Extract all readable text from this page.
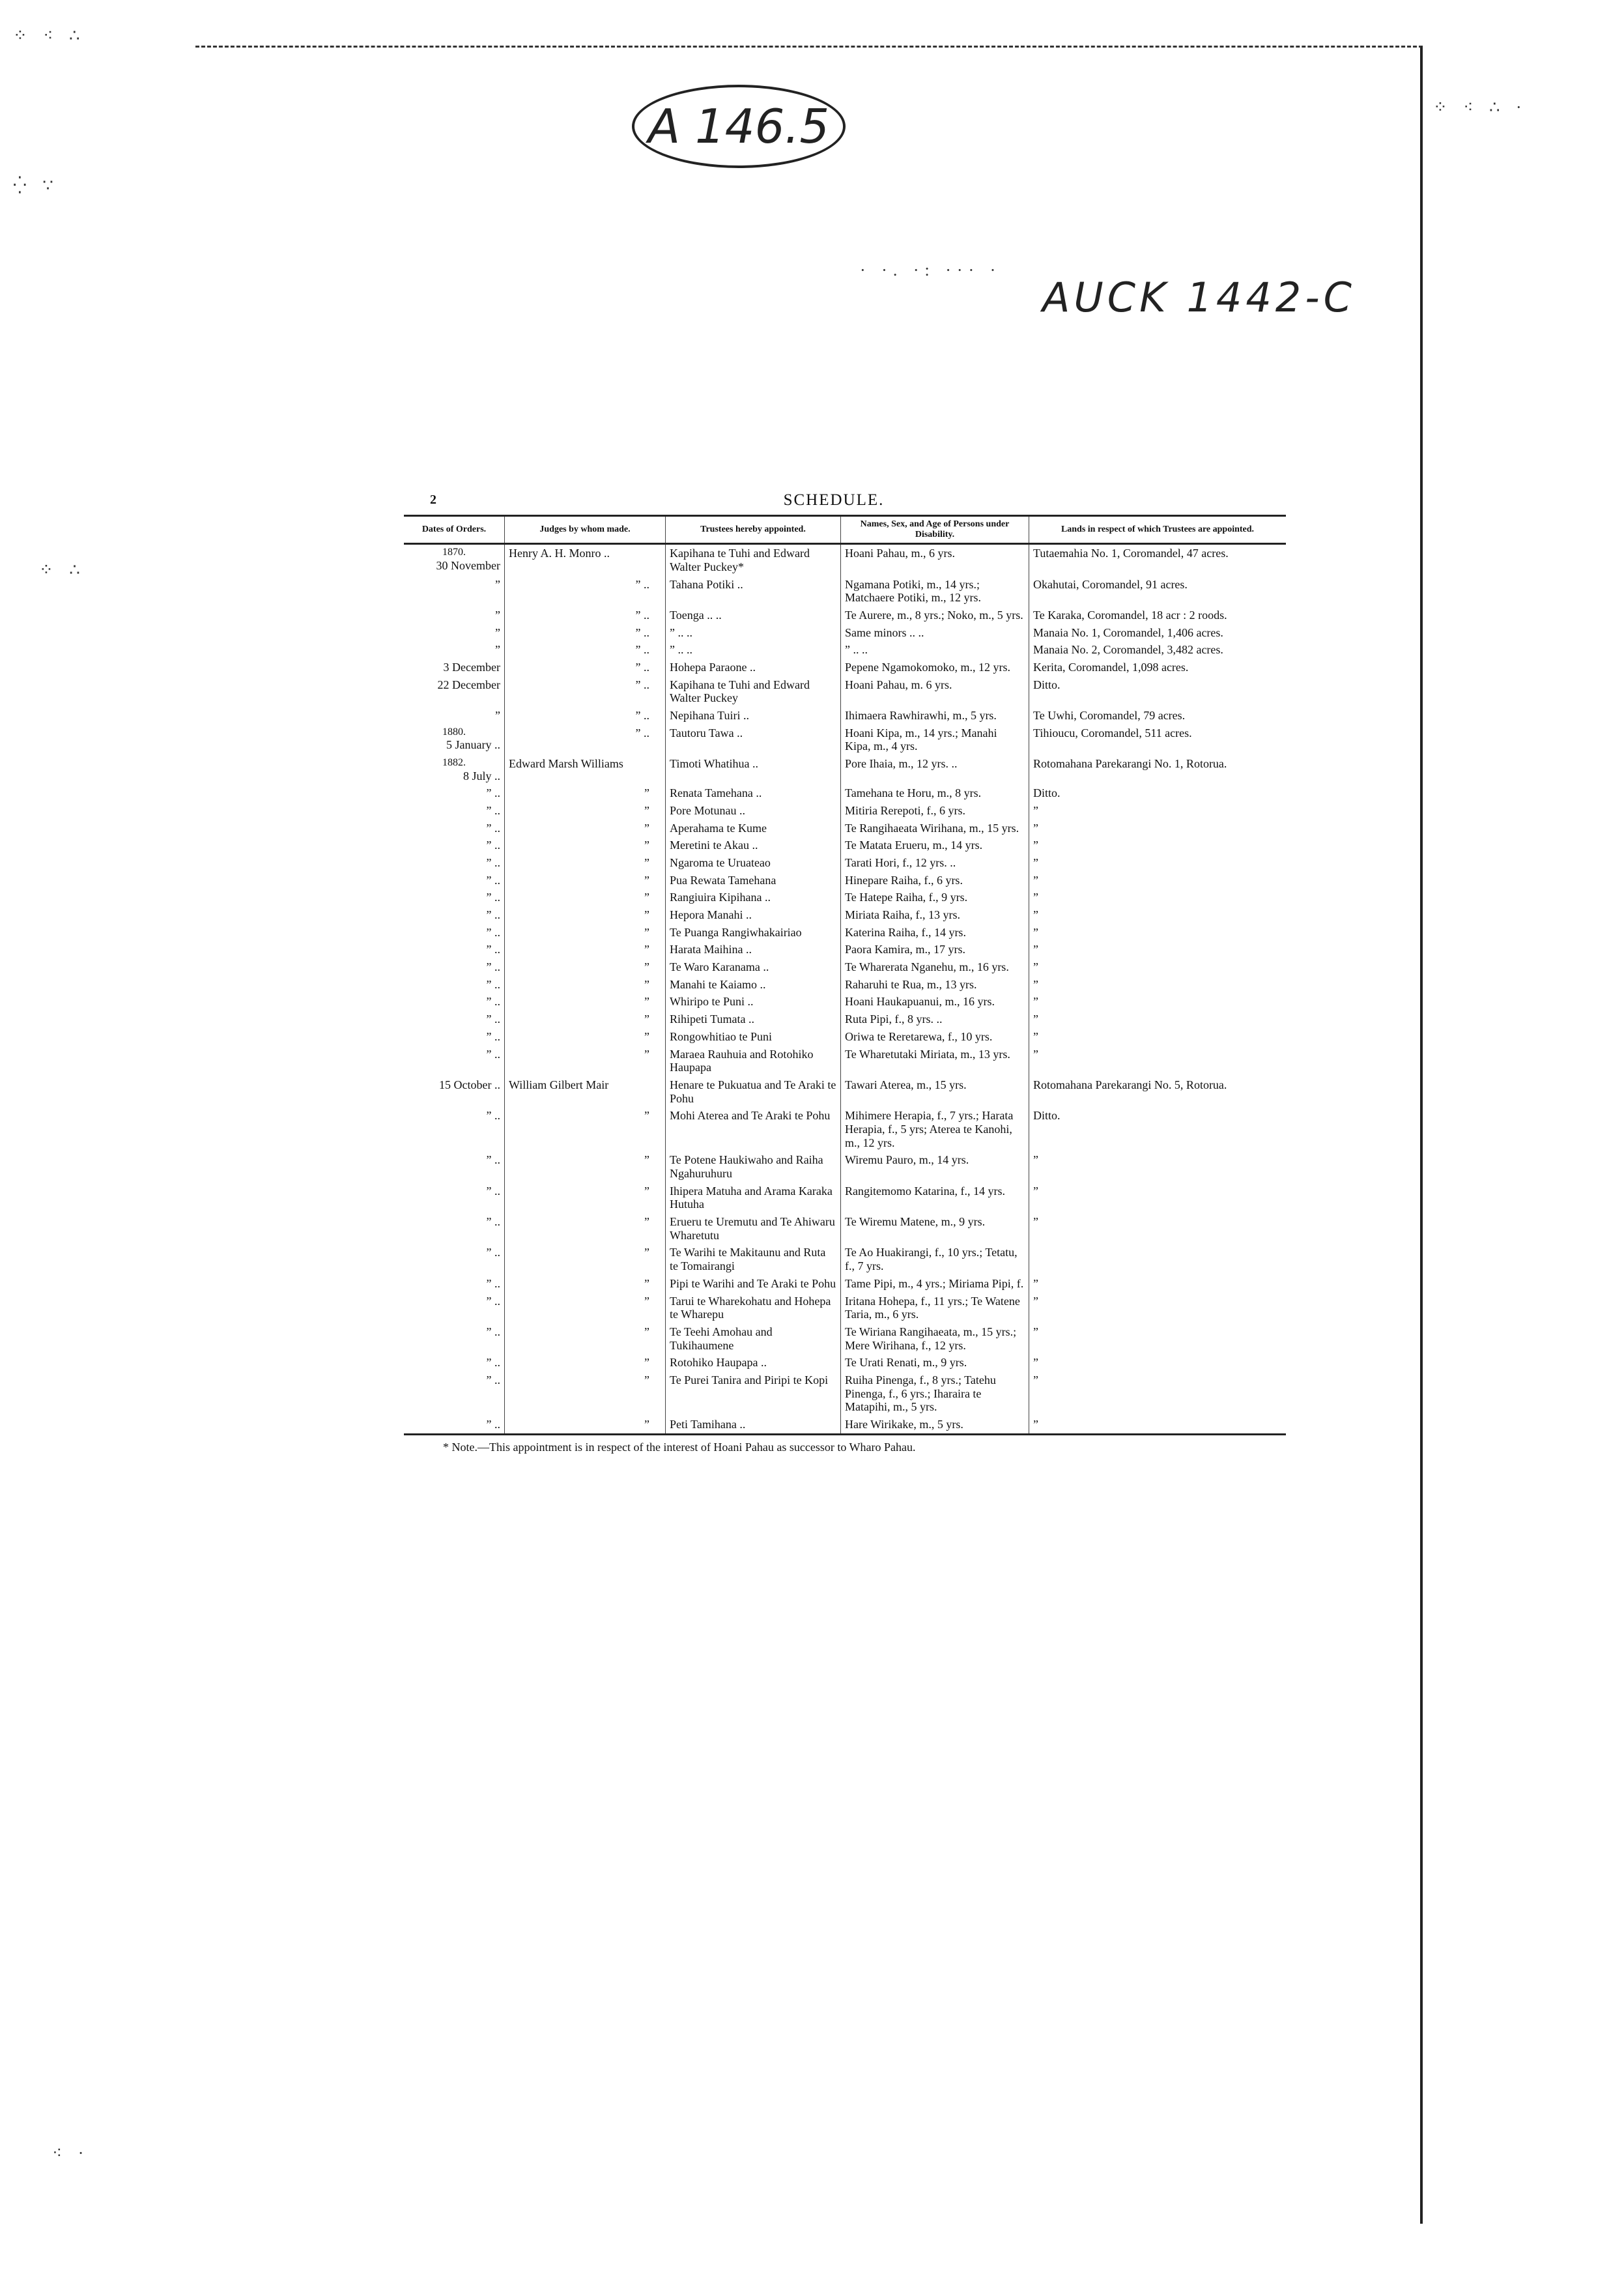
⁘ ⁖ ∴
⁛ ∵
⁘ ⁖ ∴ ·
· ·. ·: ··· ·
⁘ ∴
⁖ ·
A 146.5
AUCK 1442-C
2	SCHEDULE.
Dates of Orders.	Judges by whom made.	Trustees hereby appointed.	Names, Sex, and Age of Persons under Disability.	Lands in respect of which Trustees are appointed.

1870.
30 November	Henry A. H. Monro ..	Kapihana te Tuhi and Edward Walter Puckey*	Hoani Pahau, m., 6 yrs.	Tutaemahia No. 1, Coromandel, 47 acres.

”	” ..	Tahana Potiki ..	Ngamana Potiki, m., 14 yrs.; Matchaere Potiki, m., 12 yrs.	Okahutai, Coromandel, 91 acres.

”	” ..	Toenga .. ..	Te Aurere, m., 8 yrs.; Noko, m., 5 yrs.	Te Karaka, Coromandel, 18 acr : 2 roods.

”	” ..	” .. ..	Same minors .. ..	Manaia No. 1, Coromandel, 1,406 acres.

”	” ..	” .. ..	” .. ..	Manaia No. 2, Coromandel, 3,482 acres.

3 December	” ..	Hohepa Paraone ..	Pepene Ngamokomoko, m., 12 yrs.	Kerita, Coromandel, 1,098 acres.

22 December	” ..	Kapihana te Tuhi and Edward Walter Puckey	Hoani Pahau, m. 6 yrs.	Ditto.

”	” ..	Nepihana Tuiri ..	Ihimaera Rawhirawhi, m., 5 yrs.	Te Uwhi, Coromandel, 79 acres.

1880.
5 January ..	” ..	Tautoru Tawa ..	Hoani Kipa, m., 14 yrs.; Manahi Kipa, m., 4 yrs.	Tihioucu, Coromandel, 511 acres.

1882.
8 July ..	Edward Marsh Williams	Timoti Whatihua ..	Pore Ihaia, m., 12 yrs. ..	Rotomahana Parekarangi No. 1, Rotorua.

” ..	”	Renata Tamehana ..	Tamehana te Horu, m., 8 yrs.	Ditto.

” ..	”	Pore Motunau ..	Mitiria Rerepoti, f., 6 yrs.	”

” ..	”	Aperahama te Kume	Te Rangihaeata Wirihana, m., 15 yrs.	”

” ..	”	Meretini te Akau ..	Te Matata Erueru, m., 14 yrs.	”

” ..	”	Ngaroma te Uruateao	Tarati Hori, f., 12 yrs. ..	”

” ..	”	Pua Rewata Tamehana	Hinepare Raiha, f., 6 yrs.	”

” ..	”	Rangiuira Kipihana ..	Te Hatepe Raiha, f., 9 yrs.	”

” ..	”	Hepora Manahi ..	Miriata Raiha, f., 13 yrs.	”

” ..	”	Te Puanga Rangiwhakairiao	Katerina Raiha, f., 14 yrs.	”

” ..	”	Harata Maihina ..	Paora Kamira, m., 17 yrs.	”

” ..	”	Te Waro Karanama ..	Te Wharerata Nganehu, m., 16 yrs.	”

” ..	”	Manahi te Kaiamo ..	Raharuhi te Rua, m., 13 yrs.	”

” ..	”	Whiripo te Puni ..	Hoani Haukapuanui, m., 16 yrs.	”

” ..	”	Rihipeti Tumata ..	Ruta Pipi, f., 8 yrs. ..	”

” ..	”	Rongowhitiao te Puni	Oriwa te Reretarewa, f., 10 yrs.	”

” ..	”	Maraea Rauhuia and Rotohiko Haupapa	Te Wharetutaki Miriata, m., 13 yrs.	”

15 October ..	William Gilbert Mair	Henare te Pukuatua and Te Araki te Pohu	Tawari Aterea, m., 15 yrs.	Rotomahana Parekarangi No. 5, Rotorua.

” ..	”	Mohi Aterea and Te Araki te Pohu	Mihimere Herapia, f., 7 yrs.; Harata Herapia, f., 5 yrs; Aterea te Kanohi, m., 12 yrs.	Ditto.

” ..	”	Te Potene Haukiwaho and Raiha Ngahuruhuru	Wiremu Pauro, m., 14 yrs.	”

” ..	”	Ihipera Matuha and Arama Karaka Hutuha	Rangitemomo Katarina, f., 14 yrs.	”

” ..	”	Erueru te Uremutu and Te Ahiwaru Wharetutu	Te Wiremu Matene, m., 9 yrs.	”

” ..	”	Te Warihi te Makitaunu and Ruta te Tomairangi	Te Ao Huakirangi, f., 10 yrs.; Tetatu, f., 7 yrs.	

” ..	”	Pipi te Warihi and Te Araki te Pohu	Tame Pipi, m., 4 yrs.; Miriama Pipi, f.	”

” ..	”	Tarui te Wharekohatu and Hohepa te Wharepu	Iritana Hohepa, f., 11 yrs.; Te Watene Taria, m., 6 yrs.	”

” ..	”	Te Teehi Amohau and Tukihaumene	Te Wiriana Rangihaeata, m., 15 yrs.; Mere Wirihana, f., 12 yrs.	”

” ..	”	Rotohiko Haupapa ..	Te Urati Renati, m., 9 yrs.	”

” ..	”	Te Purei Tanira and Piripi te Kopi	Ruiha Pinenga, f., 8 yrs.; Tatehu Pinenga, f., 6 yrs.; Iharaira te Matapihi, m., 5 yrs.	”

” ..	”	Peti Tamihana ..	Hare Wirikake, m., 5 yrs.	”
* Note.—This appointment is in respect of the interest of Hoani Pahau as successor to Wharo Pahau.
